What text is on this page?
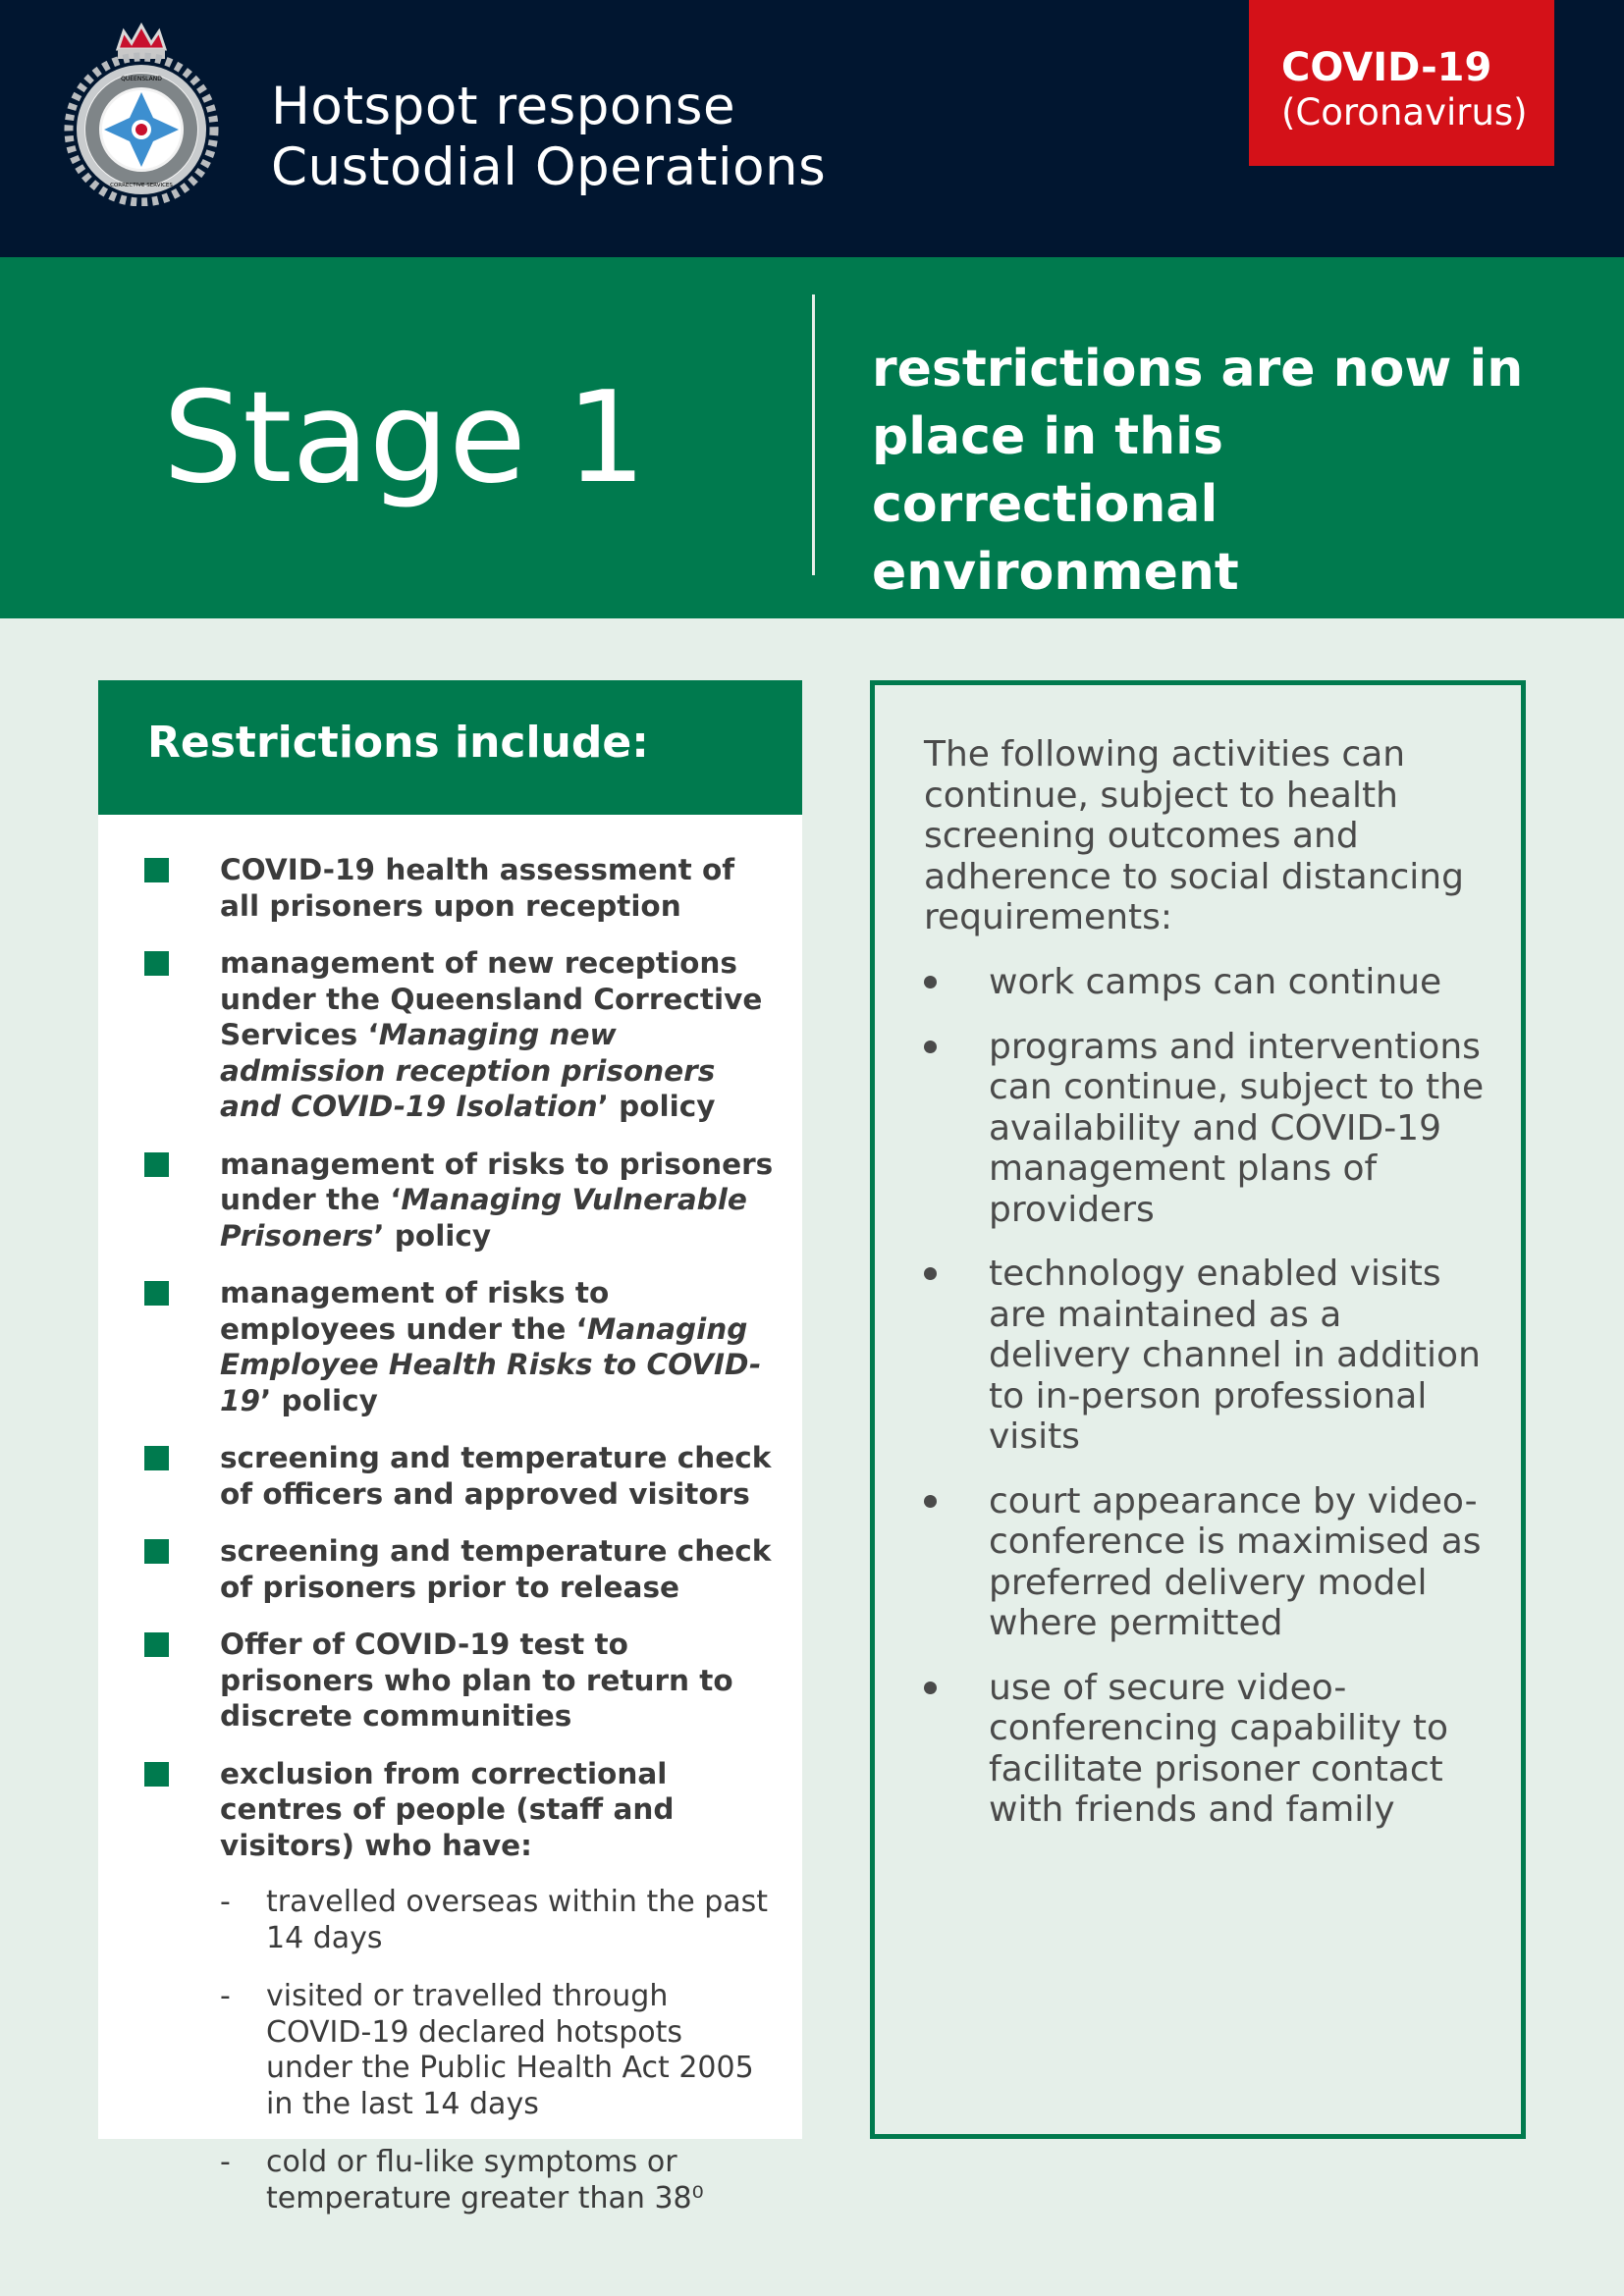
QUEENSLAND
CORRECTIVE SERVICES
Hotspot response
Custodial Operations
COVID-19
(Coronavirus)
Stage 1	restrictions are now in
place in this correctional
environment
Restrictions include:
COVID-19 health assessment of all prisoners upon reception
management of new receptions under the Queensland Corrective Services ‘Managing new admission reception prisoners and COVID-19 Isolation’ policy
management of risks to prisoners under the ‘Managing Vulnerable Prisoners’ policy
management of risks to employees under the ‘Managing Employee Health Risks to COVID-19’ policy
screening and temperature check of officers and approved visitors
screening and temperature check of prisoners prior to release
Offer of COVID-19 test to prisoners who plan to return to discrete communities
exclusion from correctional centres of people (staff and visitors) who have:
- travelled overseas within the past 14 days
- visited or travelled through COVID-19 declared hotspots under the Public Health Act 2005 in the last 14 days
- cold or flu-like symptoms or temperature greater than 38⁰
The following activities can continue, subject to health screening outcomes and adherence to social distancing requirements:
work camps can continue
programs and interventions can continue, subject to the availability and COVID-19 management plans of providers
technology enabled visits are maintained as a delivery channel in addition to in-person professional visits
court appearance by video-conference is maximised as preferred delivery model where permitted
use of secure video-conferencing capability to facilitate prisoner contact with friends and family
